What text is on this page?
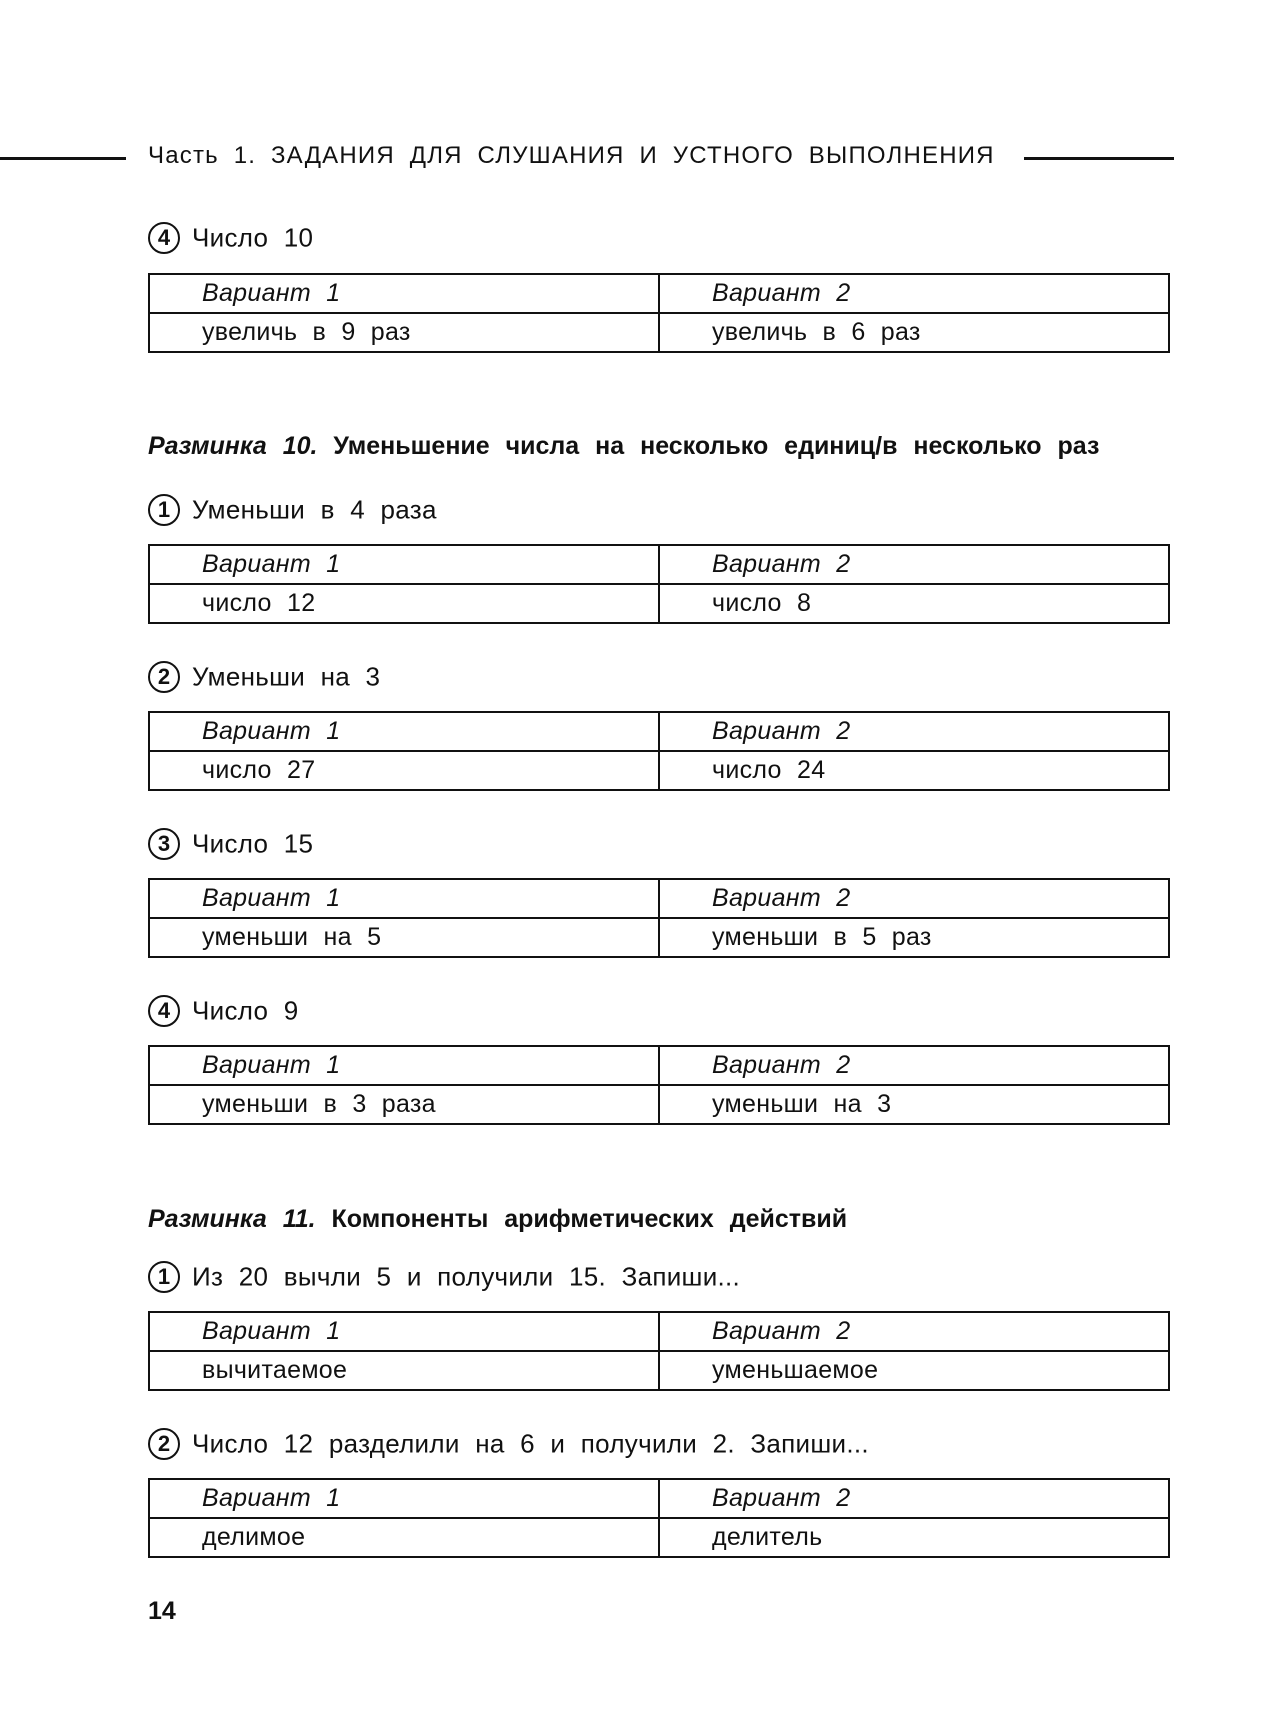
Часть 1. ЗАДАНИЯ ДЛЯ СЛУШАНИЯ И УСТНОГО ВЫПОЛНЕНИЯ
4 Число 10
Вариант 1	Вариант 2
увеличь в 9 раз	увеличь в 6 раз
Разминка 10. Уменьшение числа на несколько единиц/в несколько раз
1 Уменьши в 4 раза
Вариант 1	Вариант 2
число 12	число 8
2 Уменьши на 3
Вариант 1	Вариант 2
число 27	число 24
3 Число 15
Вариант 1	Вариант 2
уменьши на 5	уменьши в 5 раз
4 Число 9
Вариант 1	Вариант 2
уменьши в 3 раза	уменьши на 3
Разминка 11. Компоненты арифметических действий
1 Из 20 вычли 5 и получили 15. Запиши...
Вариант 1	Вариант 2
вычитаемое	уменьшаемое
2 Число 12 разделили на 6 и получили 2. Запиши...
Вариант 1	Вариант 2
делимое	делитель
14
